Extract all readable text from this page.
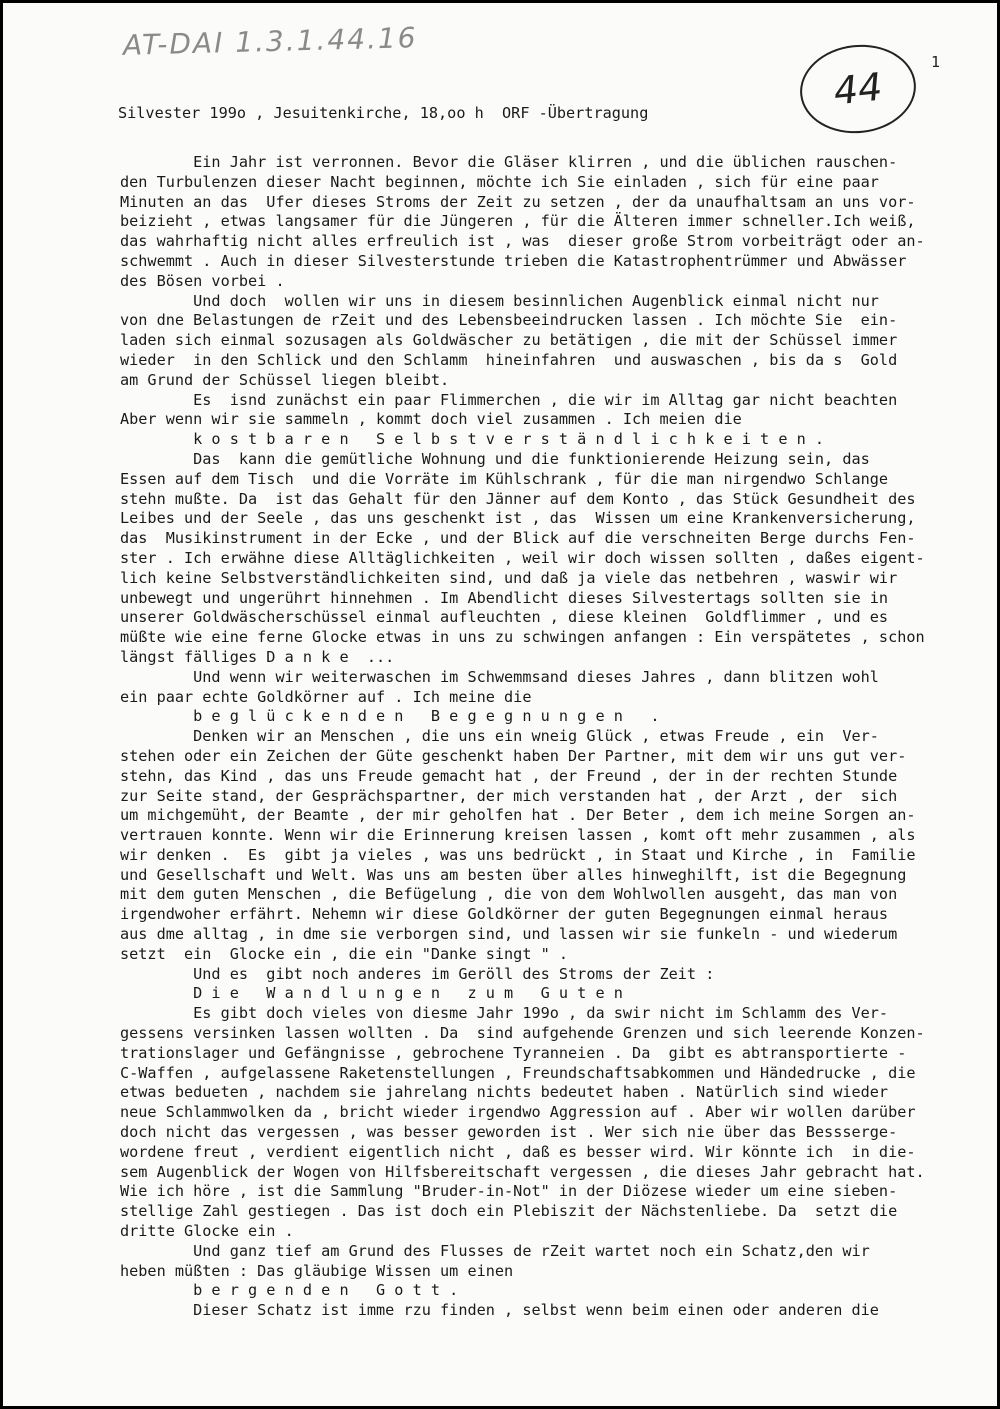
AT-DAI 1.3.1.44.16
44
1
Silvester 199o , Jesuitenkirche, 18,oo h  ORF -Übertragung
Ein Jahr ist verronnen. Bevor die Gläser klirren , und die üblichen rauschen-
den Turbulenzen dieser Nacht beginnen, möchte ich Sie einladen , sich für eine paar
Minuten an das  Ufer dieses Stroms der Zeit zu setzen , der da unaufhaltsam an uns vor-
beizieht , etwas langsamer für die Jüngeren , für die Älteren immer schneller.Ich weiß,
das wahrhaftig nicht alles erfreulich ist , was  dieser große Strom vorbeiträgt oder an-
schwemmt . Auch in dieser Silvesterstunde trieben die Katastrophentrümmer und Abwässer
des Bösen vorbei .
Und doch  wollen wir uns in diesem besinnlichen Augenblick einmal nicht nur
von dne Belastungen de rZeit und des Lebensbeeindrucken lassen . Ich möchte Sie  ein-
laden sich einmal sozusagen als Goldwäscher zu betätigen , die mit der Schüssel immer
wieder  in den Schlick und den Schlamm  hineinfahren  und auswaschen , bis da s  Gold
am Grund der Schüssel liegen bleibt.
Es  isnd zunächst ein paar Flimmerchen , die wir im Alltag gar nicht beachten
Aber wenn wir sie sammeln , kommt doch viel zusammen . Ich meien die
k o s t b a r e n   S e l b s t v e r s t ä n d l i c h k e i t e n .
Das  kann die gemütliche Wohnung und die funktionierende Heizung sein, das
Essen auf dem Tisch  und die Vorräte im Kühlschrank , für die man nirgendwo Schlange
stehn mußte. Da  ist das Gehalt für den Jänner auf dem Konto , das Stück Gesundheit des
Leibes und der Seele , das uns geschenkt ist , das  Wissen um eine Krankenversicherung,
das  Musikinstrument in der Ecke , und der Blick auf die verschneiten Berge durchs Fen-
ster . Ich erwähne diese Alltäglichkeiten , weil wir doch wissen sollten , daßes eigent-
lich keine Selbstverständlichkeiten sind, und daß ja viele das netbehren , waswir wir
unbewegt und ungerührt hinnehmen . Im Abendlicht dieses Silvestertags sollten sie in
unserer Goldwäscherschüssel einmal aufleuchten , diese kleinen  Goldflimmer , und es
müßte wie eine ferne Glocke etwas in uns zu schwingen anfangen : Ein verspätetes , schon
längst fälliges D a n k e  ...
Und wenn wir weiterwaschen im Schwemmsand dieses Jahres , dann blitzen wohl
ein paar echte Goldkörner auf . Ich meine die
b e g l ü c k e n d e n   B e g e g n u n g e n   .
Denken wir an Menschen , die uns ein wneig Glück , etwas Freude , ein  Ver-
stehen oder ein Zeichen der Güte geschenkt haben Der Partner, mit dem wir uns gut ver-
stehn, das Kind , das uns Freude gemacht hat , der Freund , der in der rechten Stunde
zur Seite stand, der Gesprächspartner, der mich verstanden hat , der Arzt , der  sich
um michgemüht, der Beamte , der mir geholfen hat . Der Beter , dem ich meine Sorgen an-
vertrauen konnte. Wenn wir die Erinnerung kreisen lassen , komt oft mehr zusammen , als
wir denken .  Es  gibt ja vieles , was uns bedrückt , in Staat und Kirche , in  Familie
und Gesellschaft und Welt. Was uns am besten über alles hinweghilft, ist die Begegnung
mit dem guten Menschen , die Befügelung , die von dem Wohlwollen ausgeht, das man von
irgendwoher erfährt. Nehemn wir diese Goldkörner der guten Begegnungen einmal heraus
aus dme alltag , in dme sie verborgen sind, und lassen wir sie funkeln - und wiederum
setzt  ein  Glocke ein , die ein "Danke singt " .
Und es  gibt noch anderes im Geröll des Stroms der Zeit :
D i e   W a n d l u n g e n   z u m   G u t e n
Es gibt doch vieles von diesme Jahr 199o , da swir nicht im Schlamm des Ver-
gessens versinken lassen wollten . Da  sind aufgehende Grenzen und sich leerende Konzen-
trationslager und Gefängnisse , gebrochene Tyranneien . Da  gibt es abtransportierte -
C-Waffen , aufgelassene Raketenstellungen , Freundschaftsabkommen und Händedrucke , die
etwas bedueten , nachdem sie jahrelang nichts bedeutet haben . Natürlich sind wieder
neue Schlammwolken da , bricht wieder irgendwo Aggression auf . Aber wir wollen darüber
doch nicht das vergessen , was besser geworden ist . Wer sich nie über das Bessserge-
wordene freut , verdient eigentlich nicht , daß es besser wird. Wir könnte ich  in die-
sem Augenblick der Wogen von Hilfsbereitschaft vergessen , die dieses Jahr gebracht hat.
Wie ich höre , ist die Sammlung "Bruder-in-Not" in der Diözese wieder um eine sieben-
stellige Zahl gestiegen . Das ist doch ein Plebiszit der Nächstenliebe. Da  setzt die
dritte Glocke ein .
Und ganz tief am Grund des Flusses de rZeit wartet noch ein Schatz,den wir
heben müßten : Das gläubige Wissen um einen
b e r g e n d e n   G o t t .
Dieser Schatz ist imme rzu finden , selbst wenn beim einen oder anderen die
